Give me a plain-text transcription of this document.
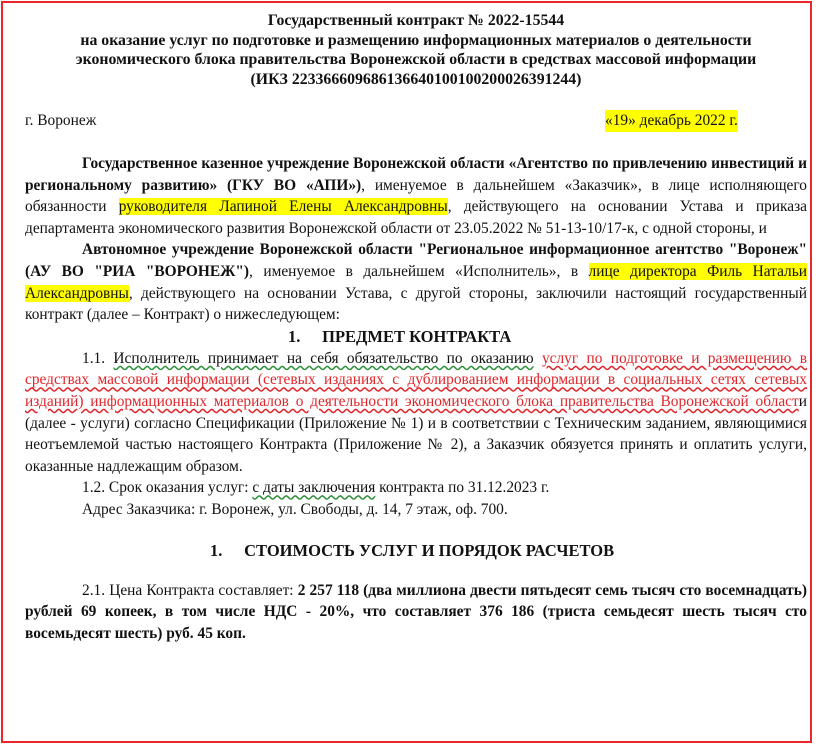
Государственный контракт № 2022-15544

на оказание услуг по подготовке и размещению информационных материалов о деятельности

экономического блока правительства Воронежской области в средствах массовой информации

(ИКЗ 223366609686136640100100200026391244)

г. Воронеж	«19» декабрь 2022 г.

Государственное казенное учреждение Воронежской области «Агентство по привлечению инвестиций и региональному развитию» (ГКУ ВО «АПИ»), именуемое в дальнейшем «Заказчик», в лице исполняющего обязанности руководителя Лапиной Елены Александровны, действующего на основании Устава и приказа департамента экономического развития Воронежской области от 23.05.2022 № 51-13-10/17-к, с одной стороны, и

Автономное учреждение Воронежской области "Региональное информационное агентство "Воронеж" (АУ ВО "РИА "ВОРОНЕЖ"), именуемое в дальнейшем «Исполнитель», в лице директора Филь Натальи Александровны, действующего на основании Устава, с другой стороны, заключили настоящий государственный контракт (далее – Контракт) о нижеследующем:

1. ПРЕДМЕТ КОНТРАКТА

1.1. Исполнитель принимает на себя обязательство по оказанию услуг по подготовке и размещению в средствах массовой информации (сетевых изданиях с дублированием информации в социальных сетях сетевых изданий) информационных материалов о деятельности экономического блока правительства Воронежской области (далее - услуги) согласно Спецификации (Приложение № 1) и в соответствии с Техническим заданием, являющимися неотъемлемой частью настоящего Контракта (Приложение № 2), а Заказчик обязуется принять и оплатить услуги, оказанные надлежащим образом.

1.2. Срок оказания услуг: с даты заключения контракта по 31.12.2023 г.

Адрес Заказчика: г. Воронеж, ул. Свободы, д. 14, 7 этаж, оф. 700.

1. СТОИМОСТЬ УСЛУГ И ПОРЯДОК РАСЧЕТОВ

2.1. Цена Контракта составляет: 2 257 118 (два миллиона двести пятьдесят семь тысяч сто восемнадцать) рублей 69 копеек, в том числе НДС - 20%, что составляет 376 186 (триста семьдесят шесть тысяч сто восемьдесят шесть) руб. 45 коп.
